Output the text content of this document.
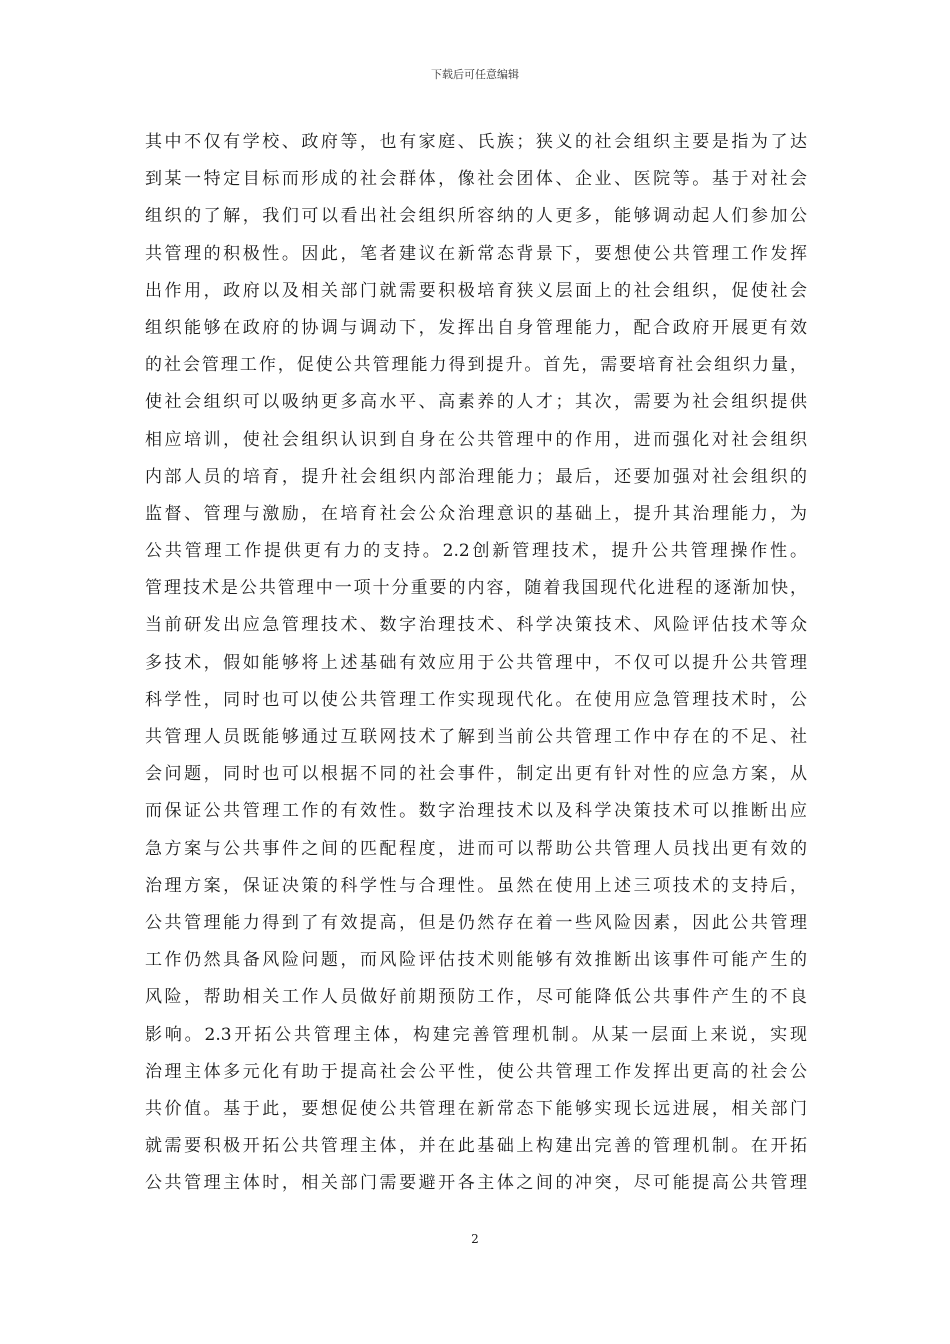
下载后可任意编辑
其中不仅有学校、政府等，也有家庭、氏族；狭义的社会组织主要是指为了达
到某一特定目标而形成的社会群体，像社会团体、企业、医院等。基于对社会
组织的了解，我们可以看出社会组织所容纳的人更多，能够调动起人们参加公
共管理的积极性。因此，笔者建议在新常态背景下，要想使公共管理工作发挥
出作用，政府以及相关部门就需要积极培育狭义层面上的社会组织，促使社会
组织能够在政府的协调与调动下，发挥出自身管理能力，配合政府开展更有效
的社会管理工作，促使公共管理能力得到提升。首先，需要培育社会组织力量，
使社会组织可以吸纳更多高水平、高素养的人才；其次，需要为社会组织提供
相应培训，使社会组织认识到自身在公共管理中的作用，进而强化对社会组织
内部人员的培育，提升社会组织内部治理能力；最后，还要加强对社会组织的
监督、管理与激励，在培育社会公众治理意识的基础上，提升其治理能力，为
公共管理工作提供更有力的支持。2.2创新管理技术，提升公共管理操作性。
管理技术是公共管理中一项十分重要的内容，随着我国现代化进程的逐渐加快，
当前研发出应急管理技术、数字治理技术、科学决策技术、风险评估技术等众
多技术，假如能够将上述基础有效应用于公共管理中，不仅可以提升公共管理
科学性，同时也可以使公共管理工作实现现代化。在使用应急管理技术时，公
共管理人员既能够通过互联网技术了解到当前公共管理工作中存在的不足、社
会问题，同时也可以根据不同的社会事件，制定出更有针对性的应急方案，从
而保证公共管理工作的有效性。数字治理技术以及科学决策技术可以推断出应
急方案与公共事件之间的匹配程度，进而可以帮助公共管理人员找出更有效的
治理方案，保证决策的科学性与合理性。虽然在使用上述三项技术的支持后，
公共管理能力得到了有效提高，但是仍然存在着一些风险因素，因此公共管理
工作仍然具备风险问题，而风险评估技术则能够有效推断出该事件可能产生的
风险，帮助相关工作人员做好前期预防工作，尽可能降低公共事件产生的不良
影响。2.3开拓公共管理主体，构建完善管理机制。从某一层面上来说，实现
治理主体多元化有助于提高社会公平性，使公共管理工作发挥出更高的社会公
共价值。基于此，要想促使公共管理在新常态下能够实现长远进展，相关部门
就需要积极开拓公共管理主体，并在此基础上构建出完善的管理机制。在开拓
公共管理主体时，相关部门需要避开各主体之间的冲突，尽可能提高公共管理
2
